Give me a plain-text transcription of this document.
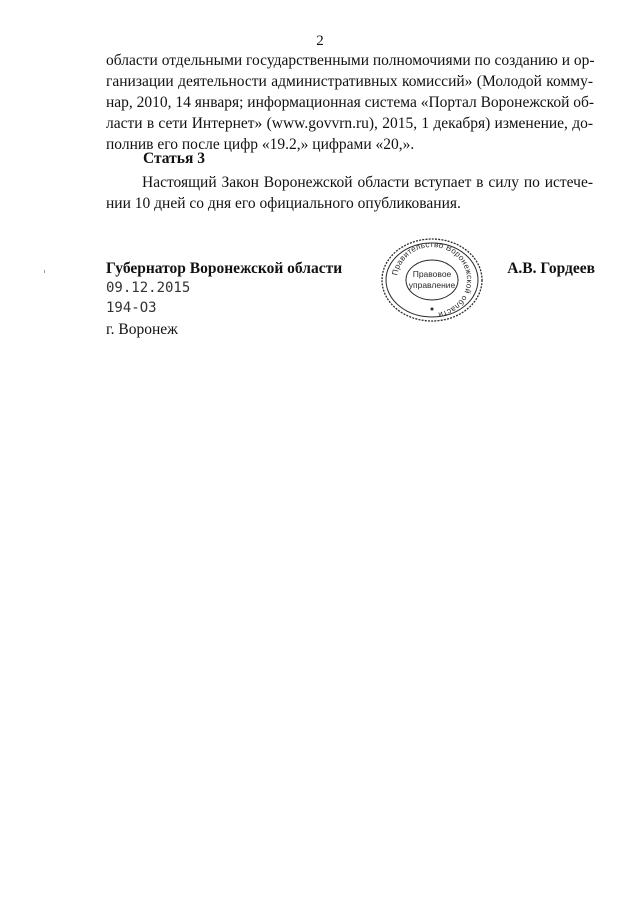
2
области отдельными государственными полномочиями по созданию и ор-
ганизации деятельности административных комиссий» (Молодой комму-
нар, 2010, 14 января; информационная система «Портал Воронежской об-
ласти в сети Интернет» (www.govvrn.ru), 2015, 1 декабря) изменение, до-
полнив его после цифр «19.2,» цифрами «20,».
Статья 3
Настоящий Закон Воронежской области вступает в силу по истече-
нии 10 дней со дня его официального опубликования.
Губернатор Воронежской области	Правительство Воронежской области
Правовое
управление
А.В. Гордеев
09.12.2015
194-ОЗ
г. Воронеж
